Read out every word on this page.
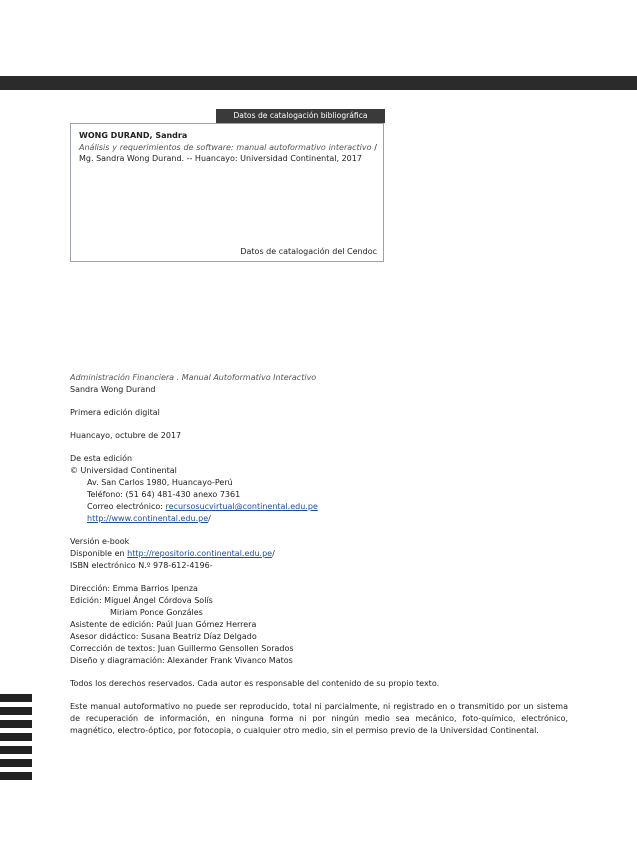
Datos de catalogación bibliográfica
WONG DURAND, Sandra
Análisis y requerimientos de software: manual autoformativo interactivo / Mg. Sandra Wong Durand. -- Huancayo: Universidad Continental, 2017
Datos de catalogación del Cendoc

Administración Financiera . Manual Autoformativo Interactivo

Sandra Wong Durand

Primera edición digital

Huancayo, octubre de 2017

De esta edición

© Universidad Continental

Av. San Carlos 1980, Huancayo-Perú

Teléfono: (51 64) 481-430 anexo 7361

Correo electrónico: recursosucvirtual@continental.edu.pe

http://www.continental.edu.pe/

Versión e-book

Disponible en http://repositorio.continental.edu.pe/

ISBN electrónico N.º 978-612-4196-

Dirección: Emma Barrios Ipenza

Edición: Miguel Ángel Córdova Solís

Miriam Ponce Gonzáles

Asistente de edición: Paúl Juan Gómez Herrera

Asesor didáctico: Susana Beatriz Díaz Delgado

Corrección de textos: Juan Guillermo Gensollen Sorados

Diseño y diagramación: Alexander Frank Vivanco Matos

Todos los derechos reservados. Cada autor es responsable del contenido de su propio texto.

Este manual autoformativo no puede ser reproducido, total ni parcialmente, ni registrado en o transmitido por un sistema de recuperación de información, en ninguna forma ni por ningún medio sea mecánico, foto-químico, electrónico, magnético, electro-óptico, por fotocopia, o cualquier otro medio, sin el permiso previo de la Universidad Continental.
